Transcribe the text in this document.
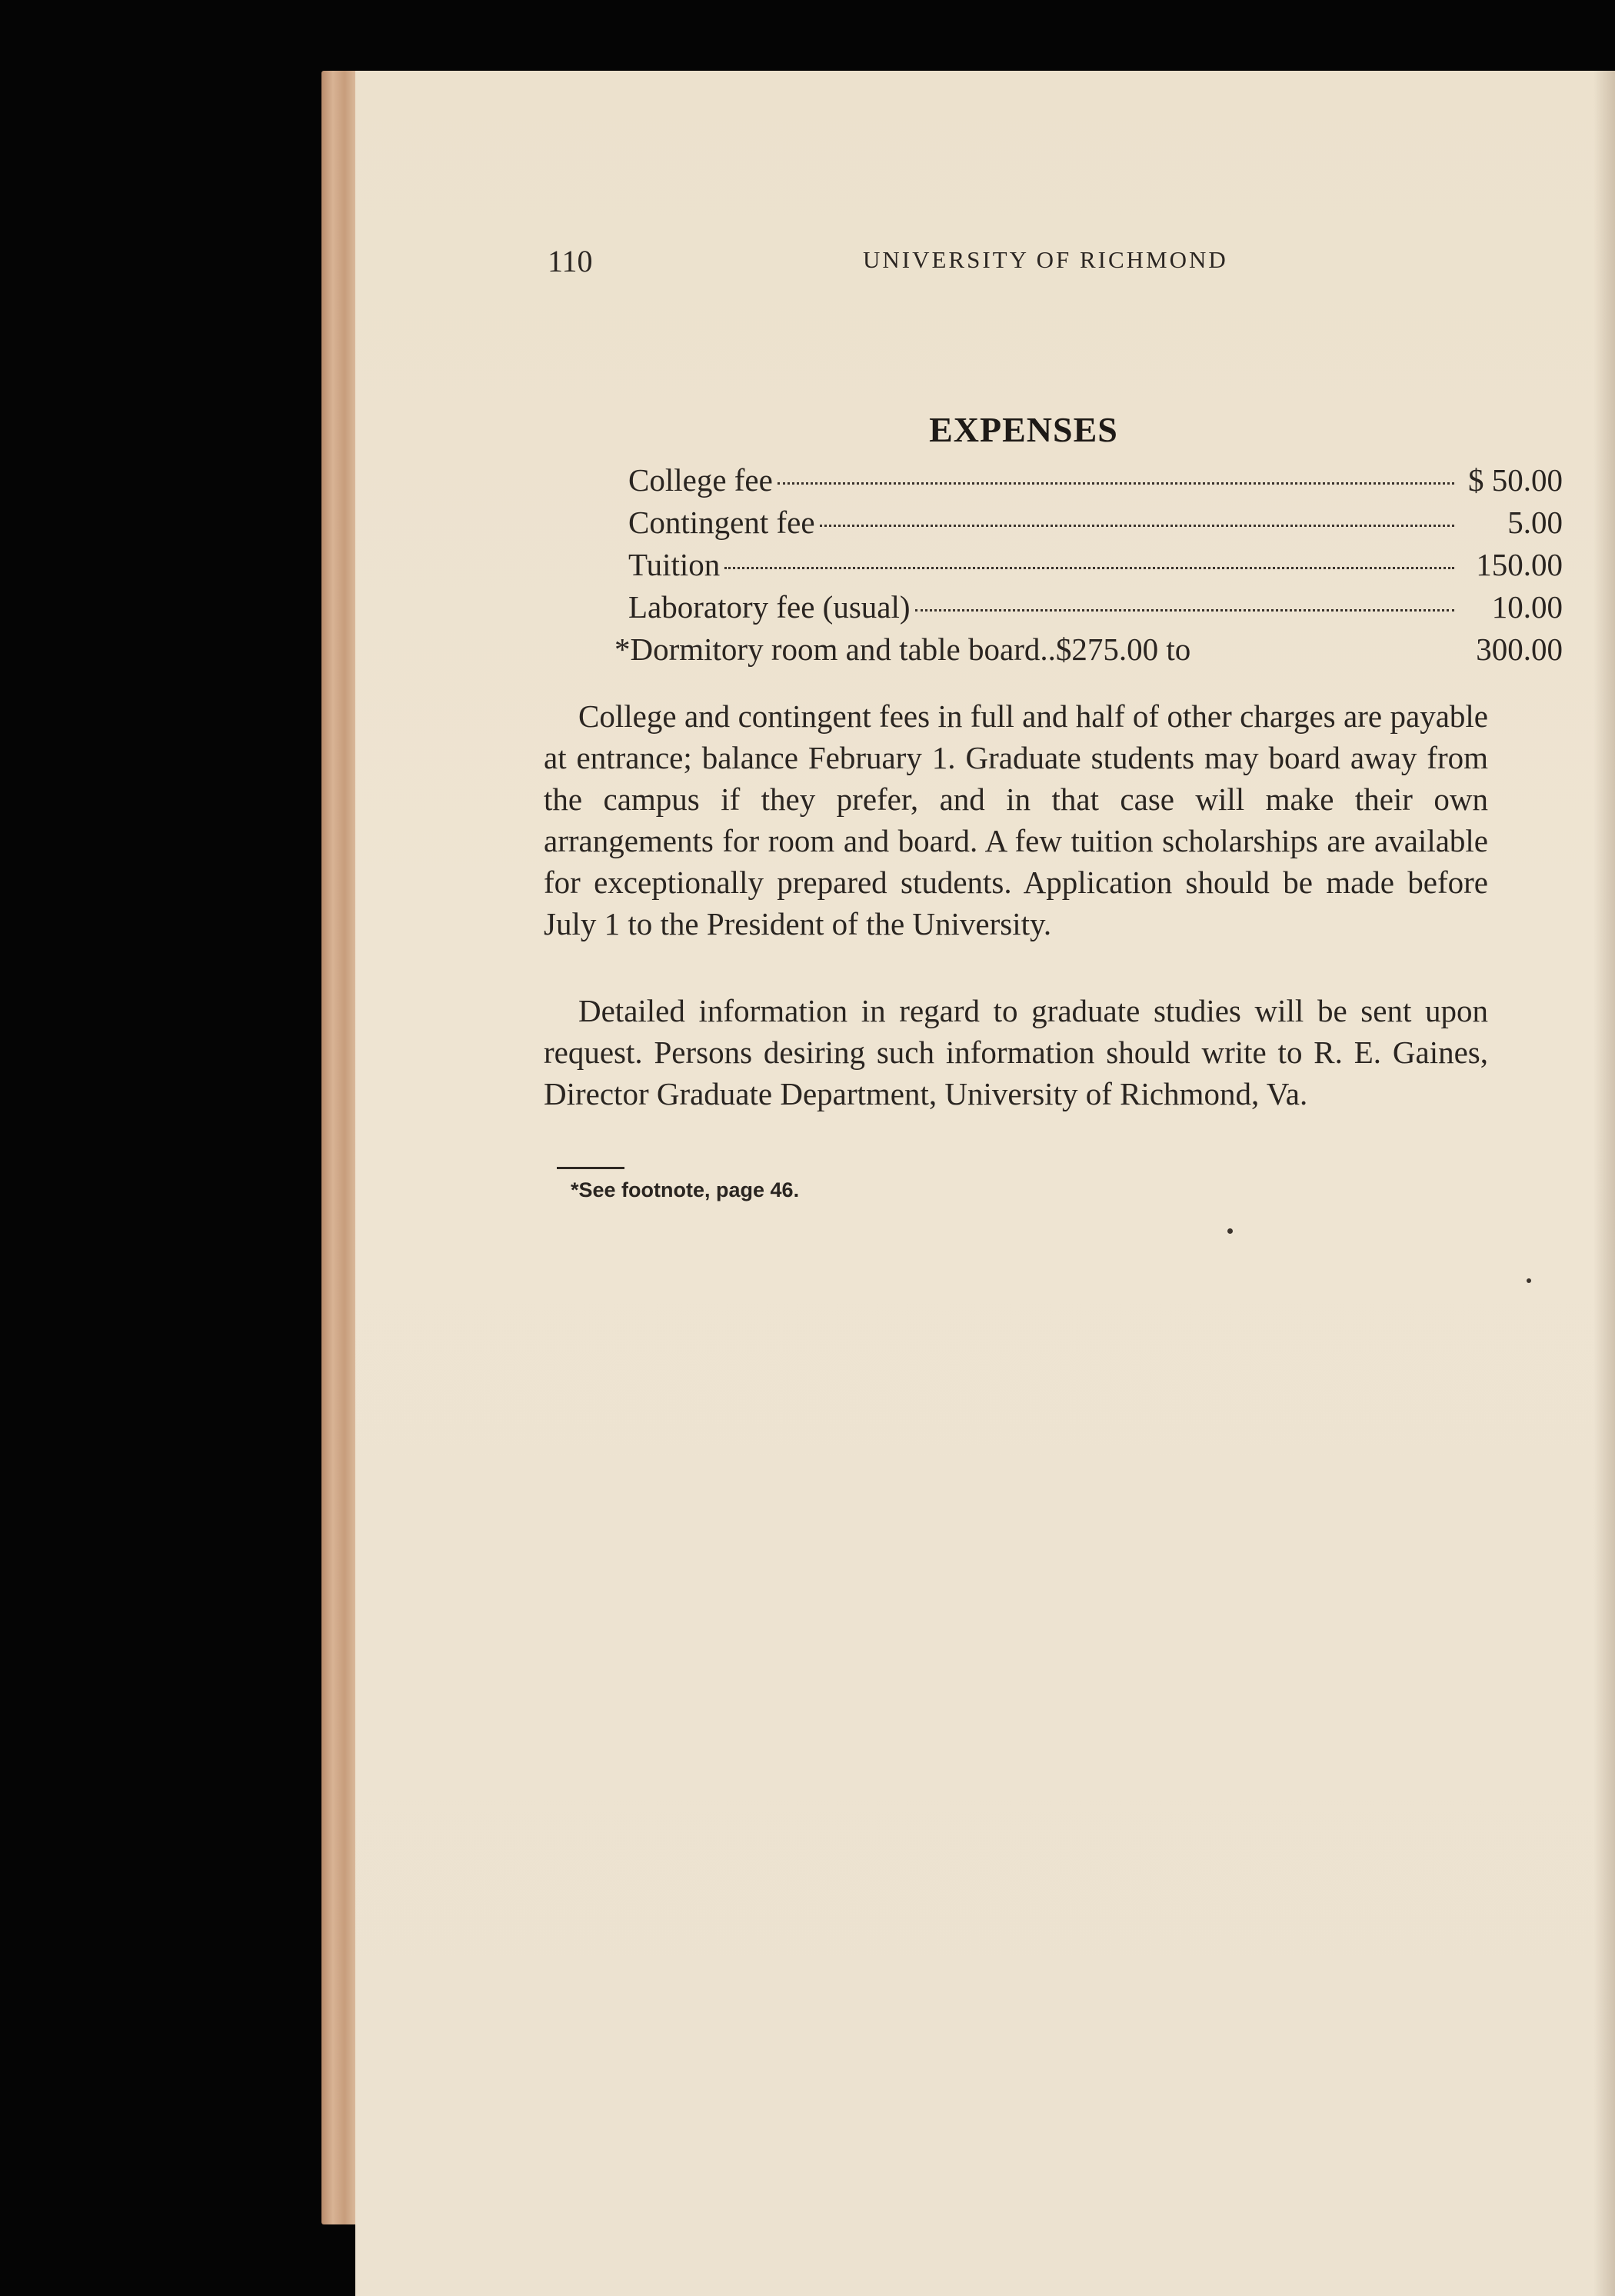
110	UNIVERSITY OF RICHMOND
EXPENSES
College fee	$ 50.00
Contingent fee	5.00
Tuition	150.00
Laboratory fee (usual)	10.00
*Dormitory room and table board..$275.00 to	300.00

College and contingent fees in full and half of other charges are payable at entrance; balance February 1. Graduate students may board away from the campus if they prefer, and in that case will make their own arrangements for room and board. A few tuition scholarships are available for exceptionally prepared students. Application should be made before July 1 to the President of the University.

Detailed information in regard to graduate studies will be sent upon request. Persons desiring such information should write to R. E. Gaines, Director Graduate Department, University of Richmond, Va.

*See footnote, page 46.
